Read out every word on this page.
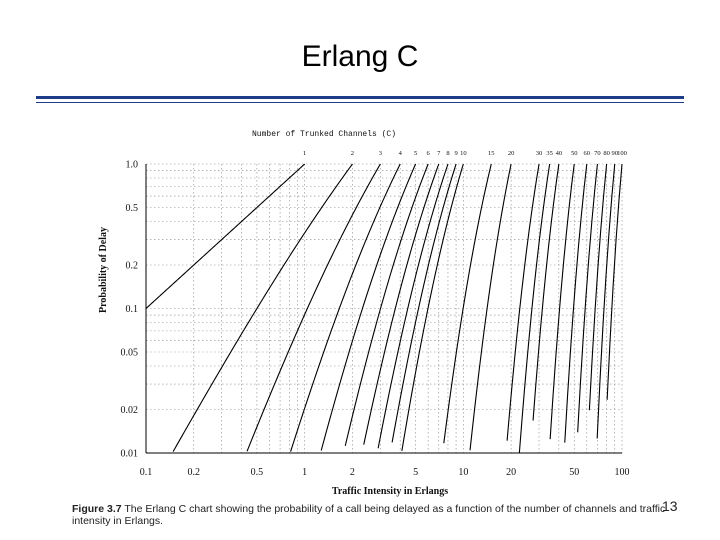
Erlang C
Number of Trunked Channels (C)
Traffic Intensity in Erlangs
Probability of Delay
0.1	0.2	0.5	1	2	5	10	20	50	100
1.0
0.5
0.2
0.1
0.05
0.02
0.01
1	2	3	4 5 6 7 8 9 10	15 20	30 35 40 50 60 70 80 90 100
Figure 3.7 The Erlang C chart showing the probability of a call being delayed as a function of the number of channels and traffic intensity in Erlangs.
13
